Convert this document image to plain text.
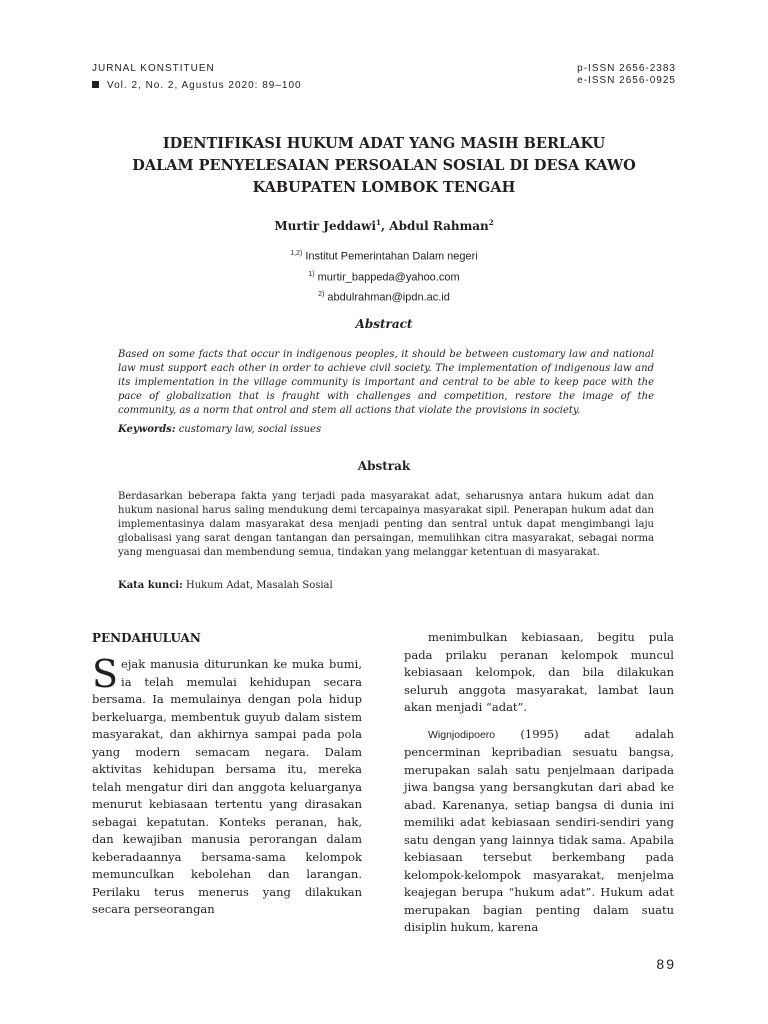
JURNAL KONSTITUEN
Vol. 2, No. 2, Agustus 2020: 89–100
p-ISSN 2656-2383
e-ISSN 2656-0925
IDENTIFIKASI HUKUM ADAT YANG MASIH BERLAKU
DALAM PENYELESAIAN PERSOALAN SOSIAL DI DESA KAWO
KABUPATEN LOMBOK TENGAH
Murtir Jeddawi$^1$, Abdul Rahman$^2$
$^{1,2)}$ Institut Pemerintahan Dalam negeri
$^{1)}$ murtir_bappeda@yahoo.com
$^{2)}$ abdulrahman@ipdn.ac.id
Abstract
Based on some facts that occur in indigenous peoples, it should be between customary law and national law must support each other in order to achieve civil society. The implementation of indigenous law and its implementation in the village community is important and central to be able to keep pace with the pace of globalization that is fraught with challenges and competition, restore the image of the community, as a norm that ontrol and stem all actions that violate the provisions in society.
Keywords: customary law, social issues
Abstrak
Berdasarkan beberapa fakta yang terjadi pada masyarakat adat, seharusnya antara hukum adat dan hukum nasional harus saling mendukung demi tercapainya masyarakat sipil. Penerapan hukum adat dan implementasinya dalam masyarakat desa menjadi penting dan sentral untuk dapat mengimbangi laju globalisasi yang sarat dengan tantangan dan persaingan, memulihkan citra masyarakat, sebagai norma yang menguasai dan membendung semua, tindakan yang melanggar ketentuan di masyarakat.
Kata kunci: Hukum Adat, Masalah Sosial
PENDAHULUAN

Sejak manusia diturunkan ke muka bumi, ia telah memulai kehidupan secara bersama. Ia memulainya dengan pola hidup berkeluarga, membentuk guyub dalam sistem masyarakat, dan akhirnya sampai pada pola yang modern semacam negara. Dalam aktivitas kehidupan bersama itu, mereka telah mengatur diri dan anggota keluarganya menurut kebiasaan tertentu yang dirasakan sebagai kepatutan. Konteks peranan, hak, dan kewajiban manusia perorangan dalam keberadaannya bersama-sama kelompok memunculkan kebolehan dan larangan. Perilaku terus menerus yang dilakukan secara perseorangan

menimbulkan kebiasaan, begitu pula pada prilaku peranan kelompok muncul kebiasaan kelompok, dan bila dilakukan seluruh anggota masyarakat, lambat laun akan menjadi “adat”.

Wignjodipoero (1995) adat adalah pencerminan kepribadian sesuatu bangsa, merupakan salah satu penjelmaan daripada jiwa bangsa yang bersangkutan dari abad ke abad. Karenanya, setiap bangsa di dunia ini memiliki adat kebiasaan sendiri-sendiri yang satu dengan yang lainnya tidak sama. Apabila kebiasaan tersebut berkembang pada kelompok-kelompok masyarakat, menjelma keajegan berupa “hukum adat”. Hukum adat merupakan bagian penting dalam suatu disiplin hukum, karena

89
